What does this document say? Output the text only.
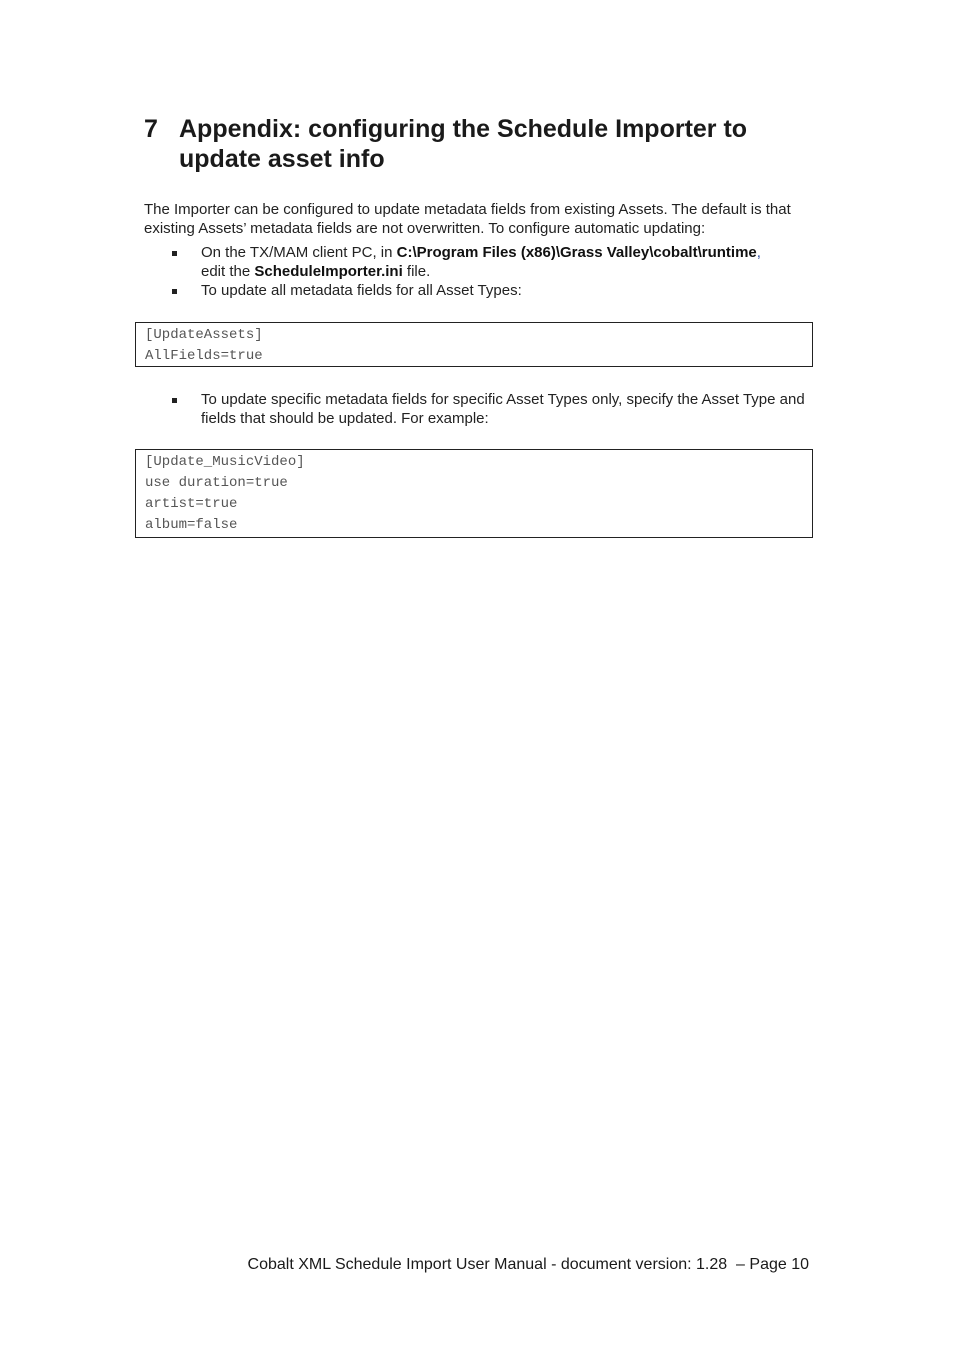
7 Appendix: configuring the Schedule Importer to update asset info

The Importer can be configured to update metadata fields from existing Assets. The default is that existing Assets’ metadata fields are not overwritten. To configure automatic updating:

On the TX/MAM client PC, in C:\Program Files (x86)\Grass Valley\cobalt\runtime,
edit the ScheduleImporter.ini file.
To update all metadata fields for all Asset Types:
[UpdateAssets]
AllFields=true
To update specific metadata fields for specific Asset Types only, specify the Asset Type and fields that should be updated. For example:
[Update_MusicVideo]
use duration=true
artist=true
album=false
Cobalt XML Schedule Import User Manual - document version: 1.28  – Page 10
